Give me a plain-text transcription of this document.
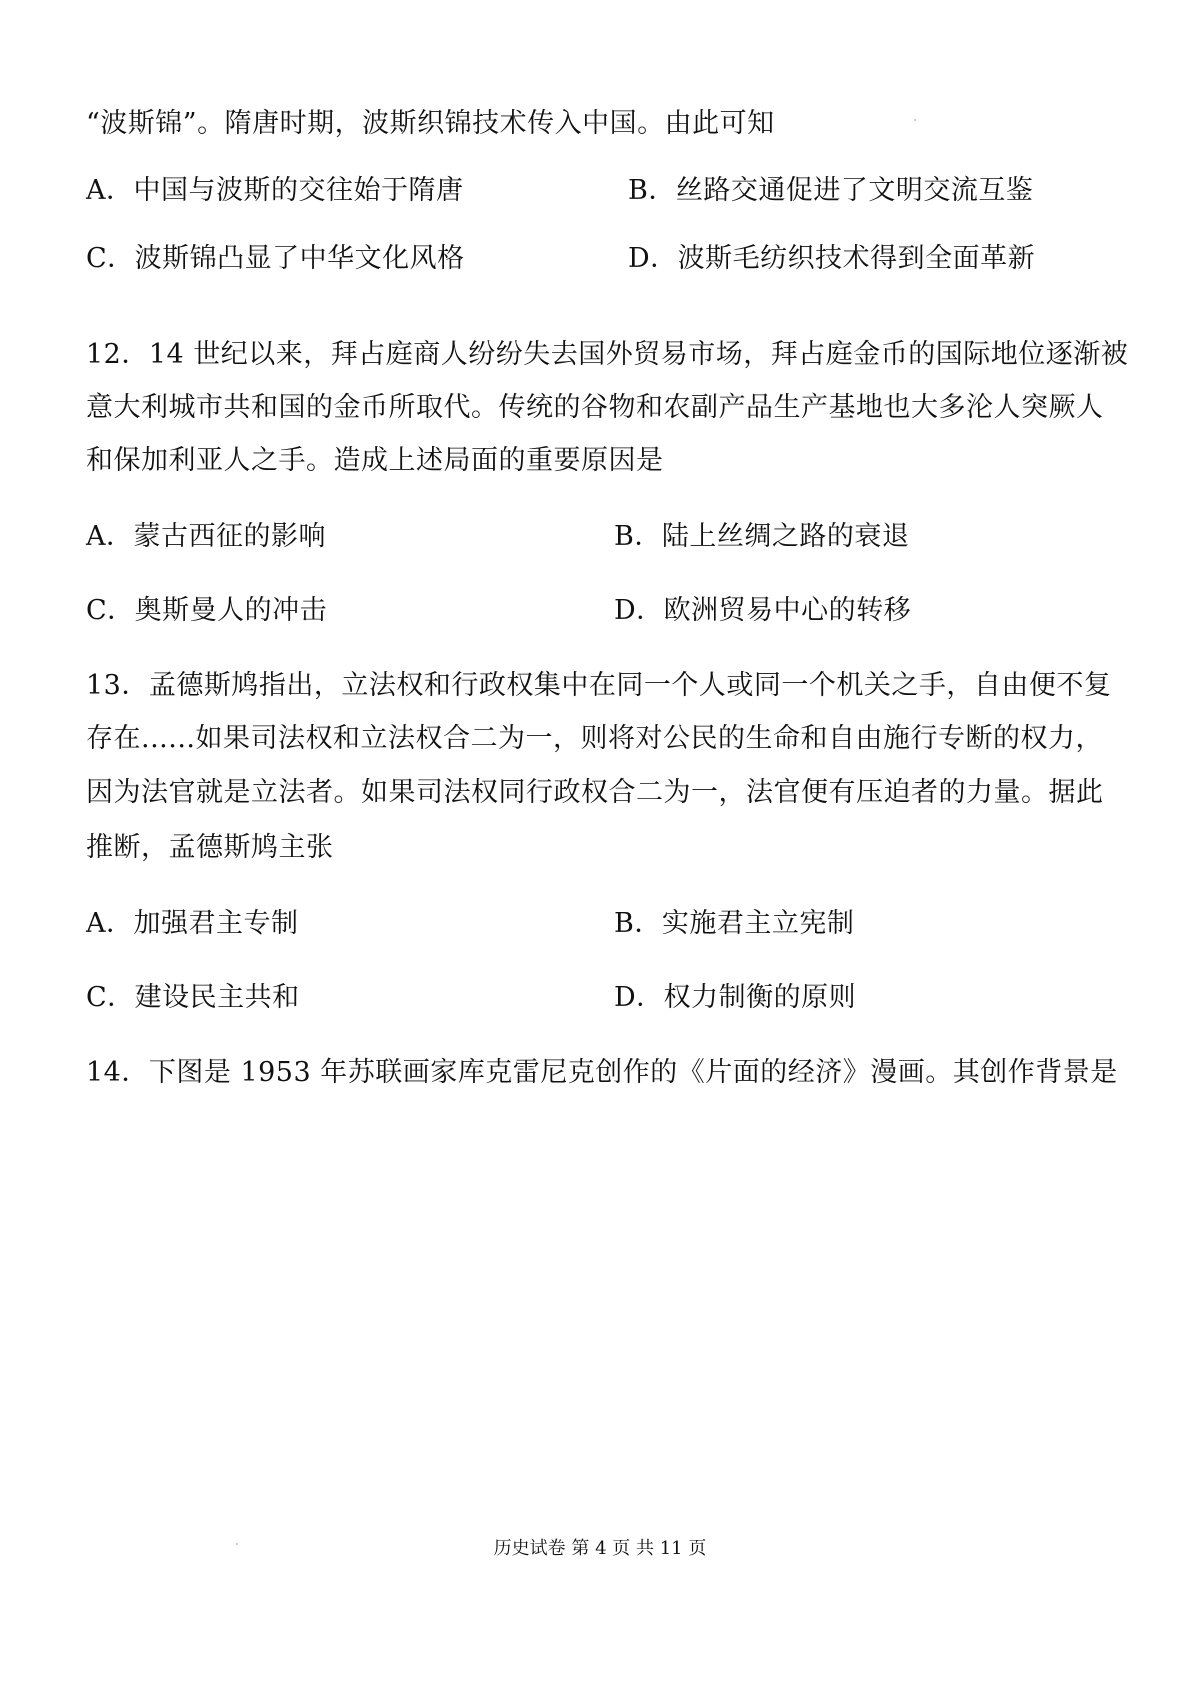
“波斯锦”。隋唐时期，波斯织锦技术传入中国。由此可知
A．中国与波斯的交往始于隋唐	B．丝路交通促进了文明交流互鉴
C．波斯锦凸显了中华文化风格	D．波斯毛纺织技术得到全面革新
12．14 世纪以来，拜占庭商人纷纷失去国外贸易市场，拜占庭金币的国际地位逐渐被
意大利城市共和国的金币所取代。传统的谷物和农副产品生产基地也大多沦人突厥人
和保加利亚人之手。造成上述局面的重要原因是
A．蒙古西征的影响	B．陆上丝绸之路的衰退
C．奥斯曼人的冲击	D．欧洲贸易中心的转移
13．孟德斯鸠指出，立法权和行政权集中在同一个人或同一个机关之手，自由便不复
存在......如果司法权和立法权合二为一，则将对公民的生命和自由施行专断的权力，
因为法官就是立法者。如果司法权同行政权合二为一，法官便有压迫者的力量。据此
推断，孟德斯鸠主张
A．加强君主专制	B．实施君主立宪制
C．建设民主共和	D．权力制衡的原则
14．下图是 1953 年苏联画家库克雷尼克创作的《片面的经济》漫画。其创作背景是
历史试卷 第 4 页 共 11 页
